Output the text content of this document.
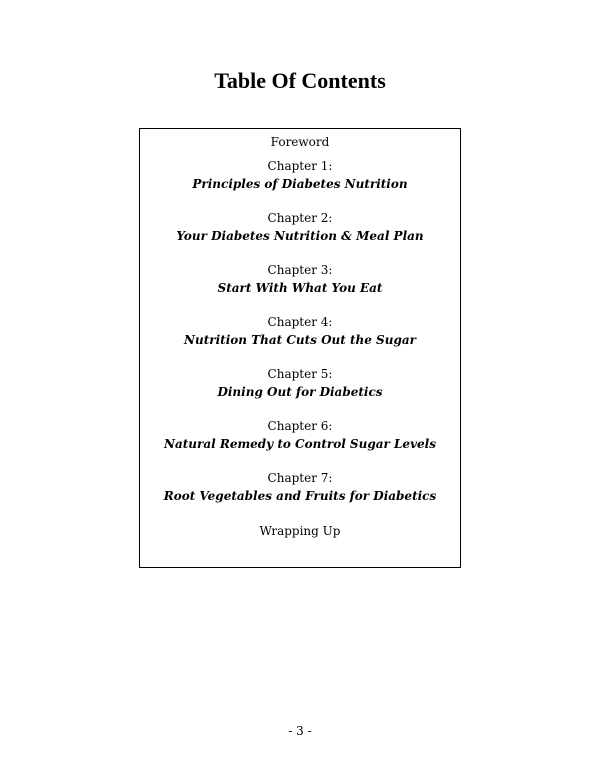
Table Of Contents
Foreword
Chapter 1:
Principles of Diabetes Nutrition
Chapter 2:
Your Diabetes Nutrition & Meal Plan
Chapter 3:
Start With What You Eat
Chapter 4:
Nutrition That Cuts Out the Sugar
Chapter 5:
Dining Out for Diabetics
Chapter 6:
Natural Remedy to Control Sugar Levels
Chapter 7:
Root Vegetables and Fruits for Diabetics
Wrapping Up
- 3 -
